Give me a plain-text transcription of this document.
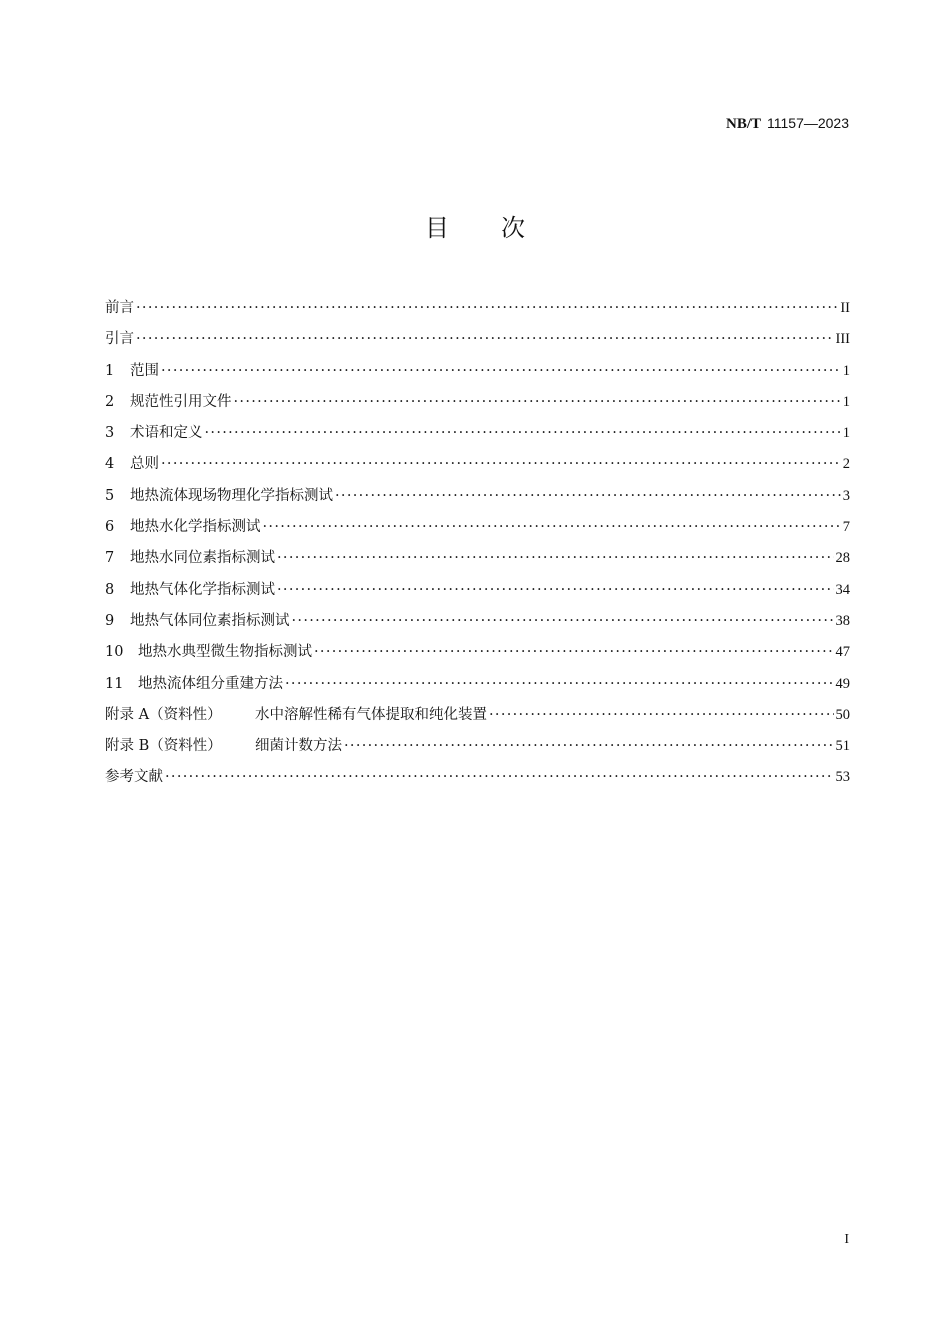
NB/T 11157—2023
目次
前言 ·····	II
引言 ·····	III
1	范围 ·····	1
2	规范性引用文件 ·····	1
3	术语和定义 ·····	1
4	总则 ·····	2
5	地热流体现场物理化学指标测试 ·····	3
6	地热水化学指标测试 ·····	7
7	地热水同位素指标测试 ·····	28
8	地热气体化学指标测试 ·····	34
9	地热气体同位素指标测试 ·····	38
10	地热水典型微生物指标测试 ·····	47
11	地热流体组分重建方法 ·····	49
附录 A（资料性）	水中溶解性稀有气体提取和纯化装置 ·····	50
附录 B（资料性）	细菌计数方法 ·····	51
参考文献 ·····	53
I
